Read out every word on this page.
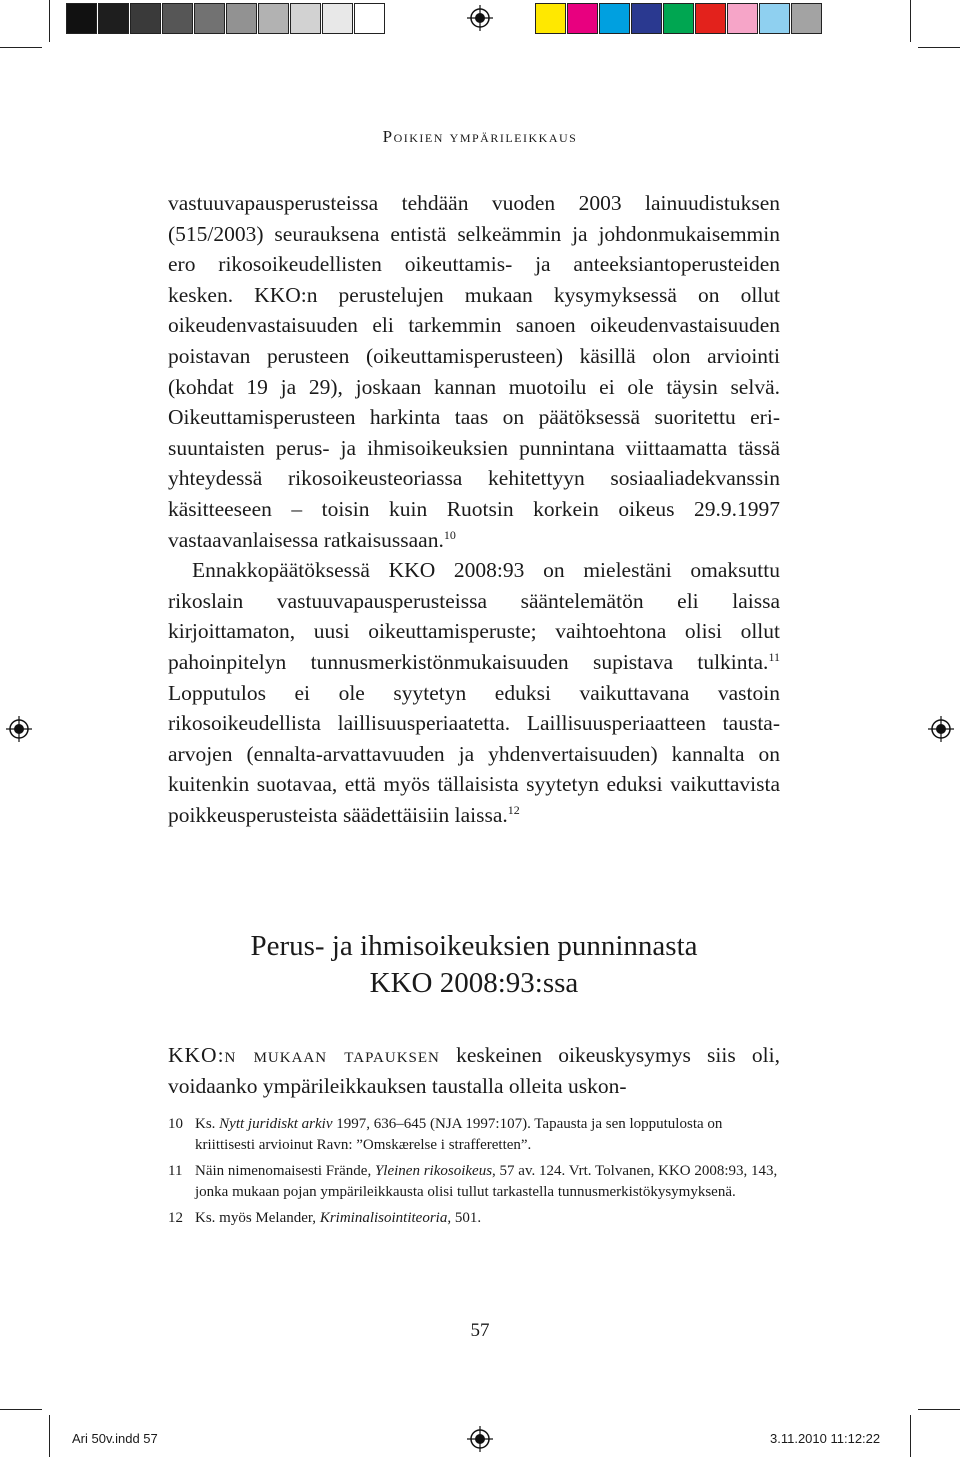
Poikien ympärileikkaus

vastuuvapausperusteissa tehdään vuoden 2003 lainuudistuksen (515/2003) seurauksena entistä selkeämmin ja johdonmukaisemmin ero rikosoikeudellisten oikeuttamis- ja anteeksiantoperusteiden kesken. KKO:n perustelujen mukaan kysymyksessä on ollut oikeudenvastaisuuden eli tarkemmin sanoen oikeudenvastaisuuden poistavan perusteen (oikeuttamisperusteen) käsillä olon arviointi (kohdat 19 ja 29), joskaan kannan muotoilu ei ole täysin selvä. Oikeuttamisperusteen harkinta taas on päätöksessä suoritettu erisuuntaisten perus- ja ihmisoikeuksien punnintana viittaamatta tässä yhteydessä rikosoikeusteoriassa kehitettyyn sosiaaliadekvanssin käsitteeseen – toisin kuin Ruotsin korkein oikeus 29.9.1997 vastaavanlaisessa ratkaisussaan.$^{10}$

Ennakkopäätöksessä KKO 2008:93 on mielestäni omaksuttu rikoslain vastuuvapausperusteissa sääntelemätön eli laissa kirjoittamaton, uusi oikeuttamisperuste; vaihtoehtona olisi ollut pahoinpitelyn tunnusmerkistönmukaisuuden supistava tulkinta.$^{11}$ Lopputulos ei ole syytetyn eduksi vaikuttavana vastoin rikosoikeudellista laillisuusperiaatetta. Laillisuusperiaatteen tausta-arvojen (ennalta-arvattavuuden ja yhdenvertaisuuden) kannalta on kuitenkin suotavaa, että myös tällaisista syytetyn eduksi vaikuttavista poikkeusperusteista säädettäisiin laissa.$^{12}$

Perus- ja ihmisoikeuksien punninnasta
KKO 2008:93:ssa
KKO:n mukaan tapauksen keskeinen oikeuskysymys siis oli, voidaanko ympärileikkauksen taustalla olleita uskon-
10 Ks. Nytt juridiskt arkiv 1997, 636–645 (NJA 1997:107). Tapausta ja sen lopputulosta on kriittisesti arvioinut Ravn: ”Omskærelse i strafferetten”.
11 Näin nimenomaisesti Frände, Yleinen rikosoikeus, 57 av. 124. Vrt. Tolvanen, KKO 2008:93, 143, jonka mukaan pojan ympärileikkausta olisi tullut tarkastella tunnusmerkistökysymyksenä.
12 Ks. myös Melander, Kriminalisointiteoria, 501.
57
Ari 50v.indd 57	3.11.2010 11:12:22
